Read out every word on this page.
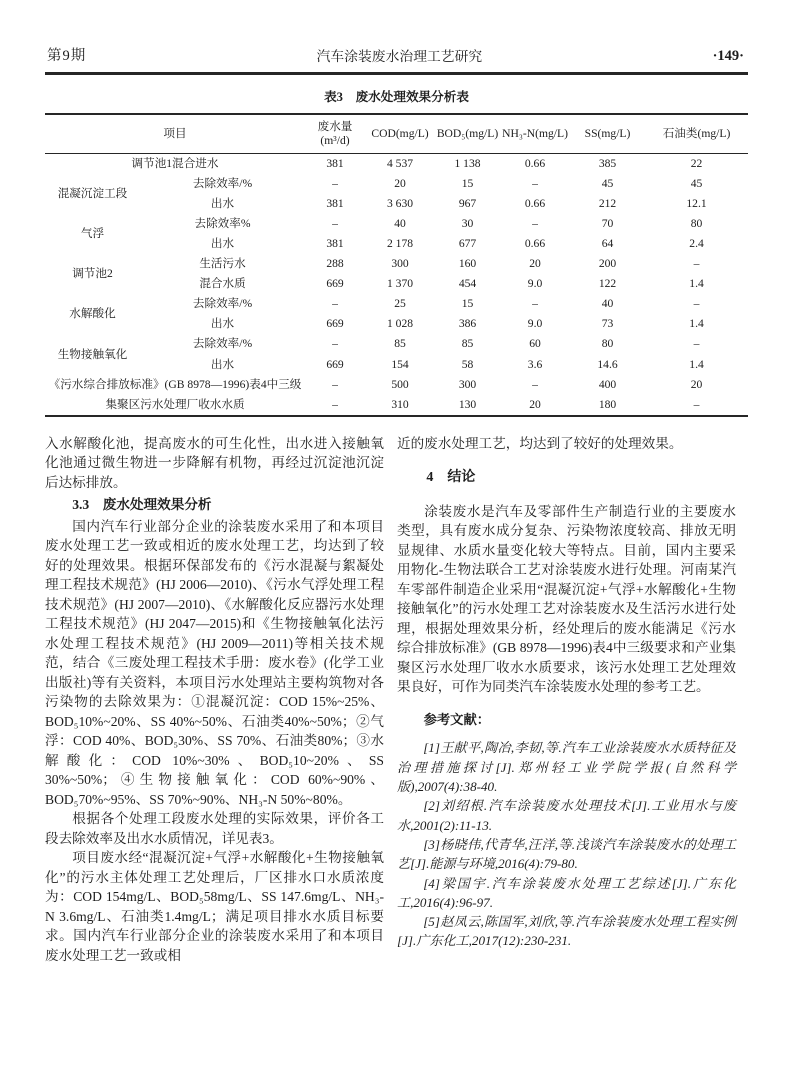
第9期	汽车涂装废水治理工艺研究	·149·
表3　废水处理效果分析表
项目		废水量(m³/d)	COD(mg/L)	BOD₅(mg/L)	NH₃-N(mg/L)	SS(mg/L)	石油类(mg/L)
调节池1混合进水		381	4 537	1 138	0.66	385	22
混凝沉淀工段	去除效率/%	–	20	15	–	45	45
	出水	381	3 630	967	0.66	212	12.1
气浮	去除效率%	–	40	30	–	70	80
	出水	381	2 178	677	0.66	64	2.4
调节池2	生活污水	288	300	160	20	200	–
	混合水质	669	1 370	454	9.0	122	1.4
水解酸化	去除效率/%	–	25	15	–	40	–
	出水	669	1 028	386	9.0	73	1.4
生物接触氧化	去除效率/%	–	85	85	60	80	–
	出水	669	154	58	3.6	14.6	1.4
《污水综合排放标准》(GB 8978—1996)表4中三级		–	500	300	–	400	20
集聚区污水处理厂收水水质		–	310	130	20	180	–

入水解酸化池，提高废水的可生化性，出水进入接触氧化池通过微生物进一步降解有机物，再经过沉淀池沉淀后达标排放。

3.3　废水处理效果分析

国内汽车行业部分企业的涂装废水采用了和本项目废水处理工艺一致或相近的废水处理工艺，均达到了较好的处理效果。根据环保部发布的《污水混凝与絮凝处理工程技术规范》(HJ 2006—2010)、《污水气浮处理工程技术规范》(HJ 2007—2010)、《水解酸化反应器污水处理工程技术规范》(HJ 2047—2015)和《生物接触氧化法污水处理工程技术规范》(HJ 2009—2011)等相关技术规范，结合《三废处理工程技术手册：废水卷》(化学工业出版社)等有关资料，本项目污水处理站主要构筑物对各污染物的去除效果为：①混凝沉淀：COD 15%~25%、BOD₅10%~20%、SS 40%~50%、石油类40%~50%；②气浮：COD 40%、BOD₅30%、SS 70%、石油类80%；③水解酸化：COD 10%~30%、BOD₅10~20%、SS 30%~50%；④生物接触氧化：COD 60%~90%、BOD₅70%~95%、SS 70%~90%、NH₃-N 50%~80%。

根据各个处理工段废水处理的实际效果，评价各工段去除效率及出水水质情况，详见表3。

项目废水经“混凝沉淀+气浮+水解酸化+生物接触氧化”的污水主体处理工艺处理后，厂区排水口水质浓度为：COD 154mg/L、BOD₅58mg/L、SS 147.6mg/L、NH₃-N 3.6mg/L、石油类1.4mg/L；满足项目排水水质目标要求。国内汽车行业部分企业的涂装废水采用了和本项目废水处理工艺一致或相

近的废水处理工艺，均达到了较好的处理效果。

4　结论

涂装废水是汽车及零部件生产制造行业的主要废水类型，具有废水成分复杂、污染物浓度较高、排放无明显规律、水质水量变化较大等特点。目前，国内主要采用物化-生物法联合工艺对涂装废水进行处理。河南某汽车零部件制造企业采用“混凝沉淀+气浮+水解酸化+生物接触氧化”的污水处理工艺对涂装废水及生活污水进行处理，根据处理效果分析，经处理后的废水能满足《污水综合排放标准》(GB 8978—1996)表4中三级要求和产业集聚区污水处理厂收水水质要求，该污水处理工艺处理效果良好，可作为同类汽车涂装废水处理的参考工艺。

参考文献：

[1]王献平,陶冶,李韧,等.汽车工业涂装废水水质特征及治理措施探讨[J].郑州轻工业学院学报(自然科学版),2007(4):38-40.

[2]刘绍根.汽车涂装废水处理技术[J].工业用水与废水,2001(2):11-13.

[3]杨晓伟,代青华,汪洋,等.浅谈汽车涂装废水的处理工艺[J].能源与环境,2016(4):79-80.

[4]梁国宇.汽车涂装废水处理工艺综述[J].广东化工,2016(4):96-97.

[5]赵凤云,陈国军,刘欣,等.汽车涂装废水处理工程实例[J].广东化工,2017(12):230-231.
